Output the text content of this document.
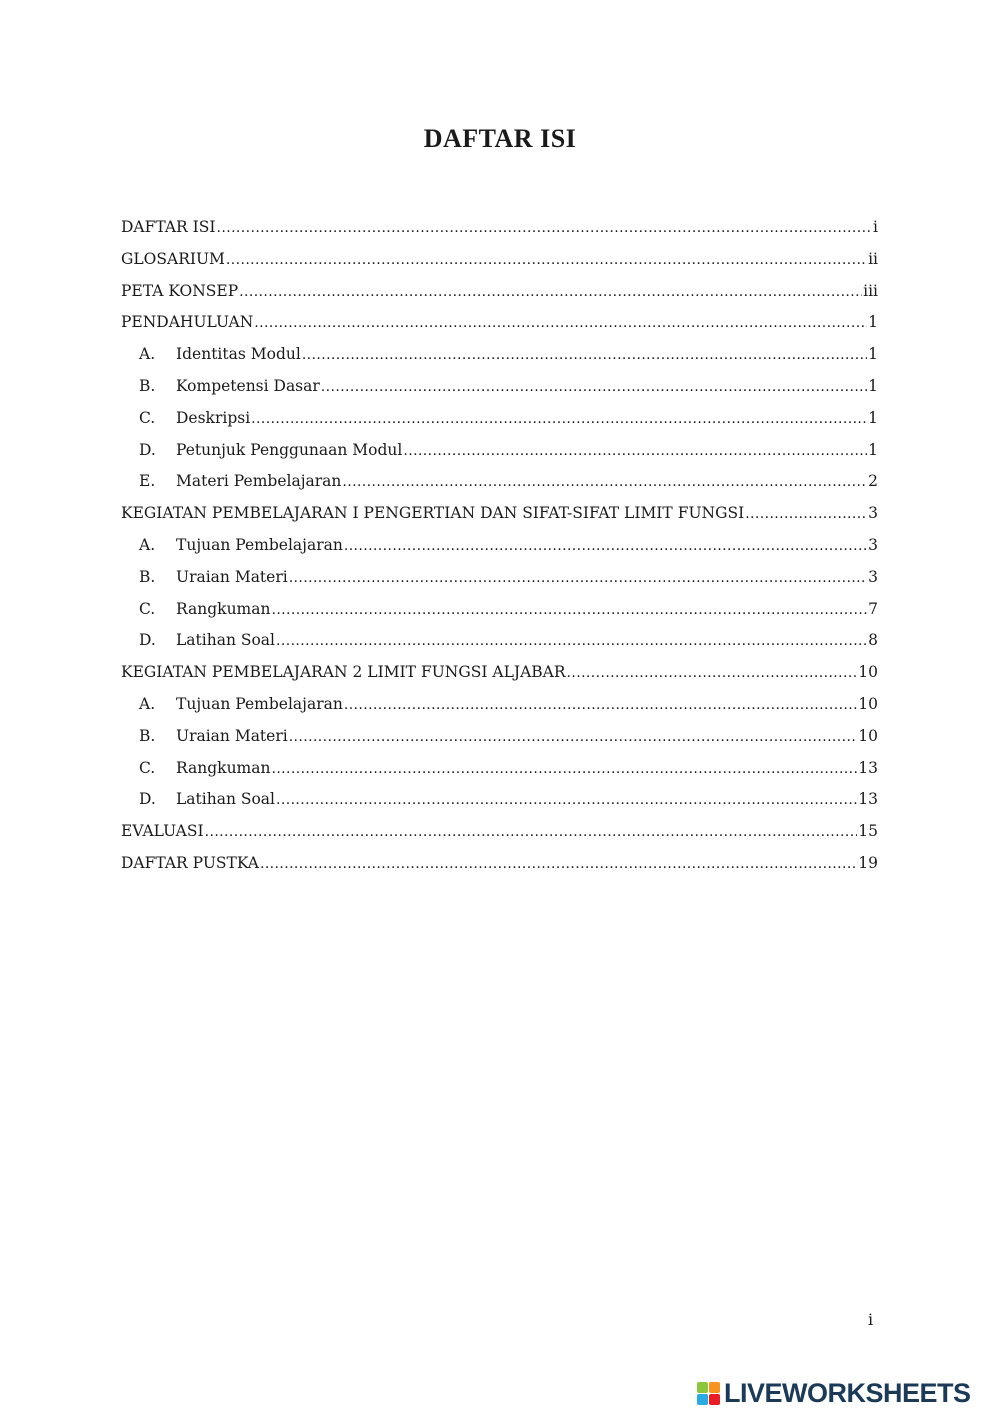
DAFTAR ISI
DAFTAR ISI .....	i
GLOSARIUM .....	ii
PETA KONSEP .....	iii
PENDAHULUAN .....	1
A.	Identitas Modul .....	1
B.	Kompetensi Dasar .....	1
C.	Deskripsi .....	1
D.	Petunjuk Penggunaan Modul .....	1
E.	Materi Pembelajaran .....	2
KEGIATAN PEMBELAJARAN I PENGERTIAN DAN SIFAT-SIFAT LIMIT FUNGSI .....	3
A.	Tujuan Pembelajaran .....	3
B.	Uraian Materi .....	3
C.	Rangkuman .....	7
D.	Latihan Soal .....	8
KEGIATAN PEMBELAJARAN 2 LIMIT FUNGSI ALJABAR .....	10
A.	Tujuan Pembelajaran .....	10
B.	Uraian Materi .....	10
C.	Rangkuman .....	13
D.	Latihan Soal .....	13
EVALUASI .....	15
DAFTAR PUSTKA .....	19
i
LIVEWORKSHEETS
